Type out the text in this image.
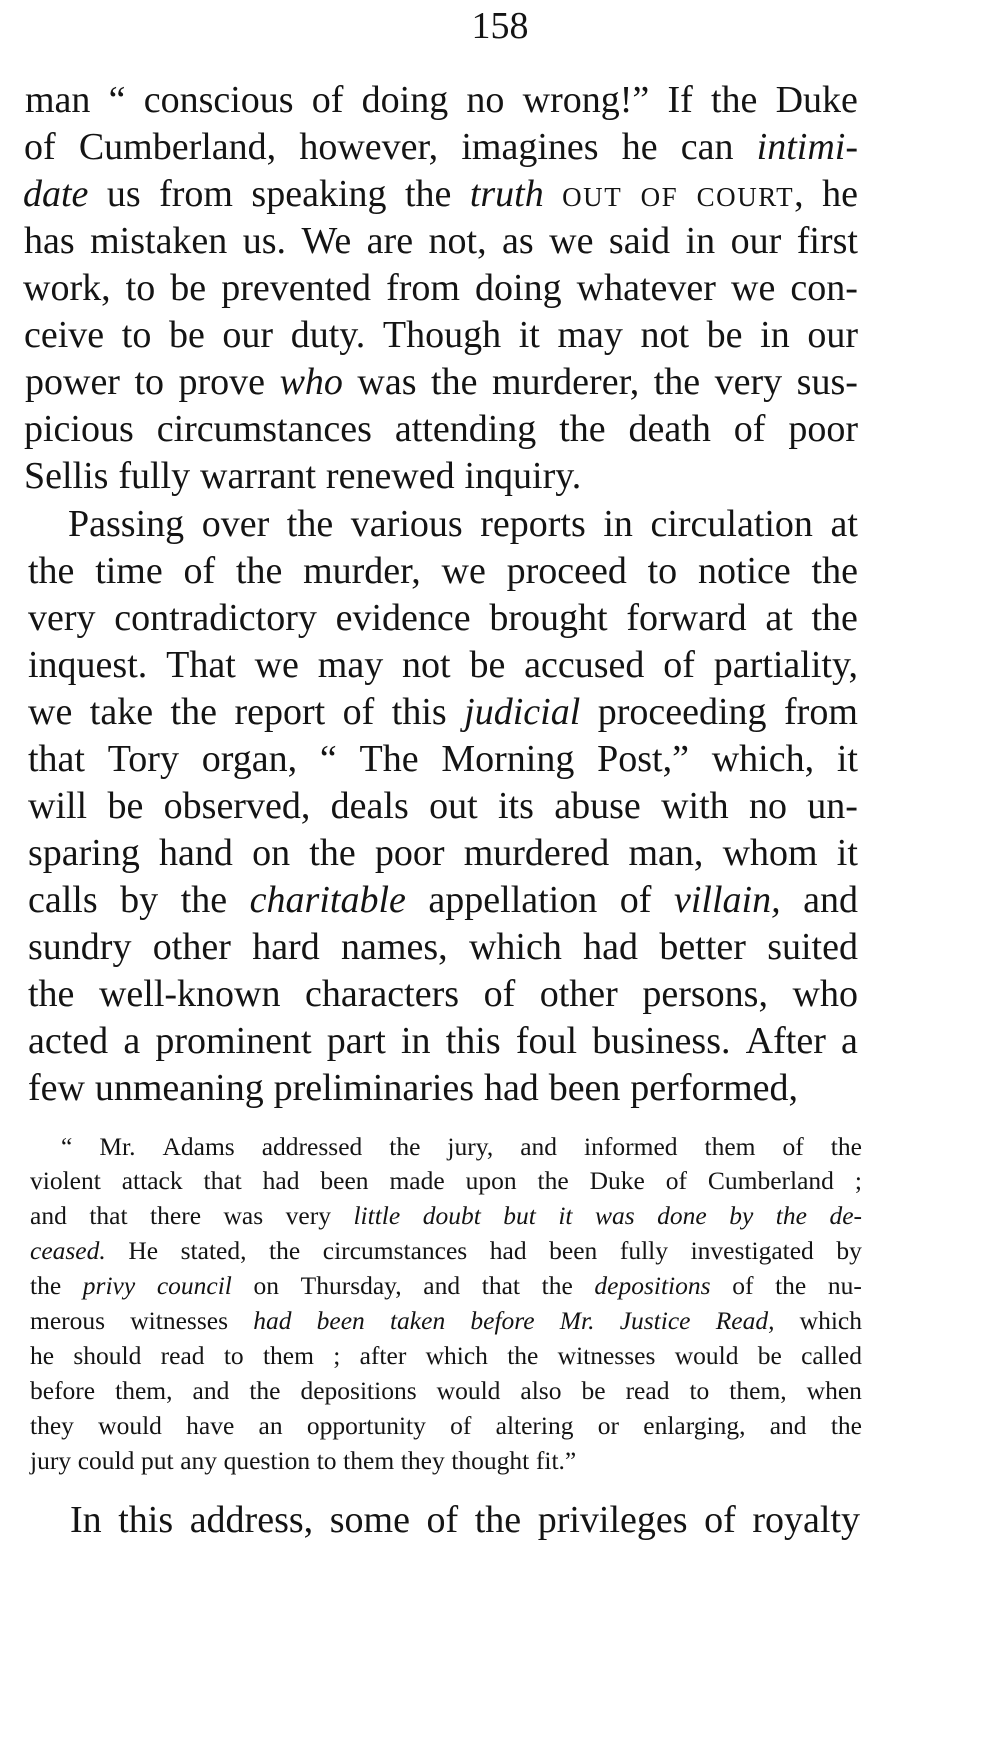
158
man “ conscious of doing no wrong!” If the Duke
of Cumberland, however, imagines he can intimi-
date us from speaking the truth out of court, he
has mistaken us. We are not, as we said in our first
work, to be prevented from doing whatever we con-
ceive to be our duty. Though it may not be in our
power to prove who was the murderer, the very sus-
picious circumstances attending the death of poor
Sellis fully warrant renewed inquiry.
Passing over the various reports in circulation at
the time of the murder, we proceed to notice the
very contradictory evidence brought forward at the
inquest. That we may not be accused of partiality,
we take the report of this judicial proceeding from
that Tory organ, “ The Morning Post,” which, it
will be observed, deals out its abuse with no un-
sparing hand on the poor murdered man, whom it
calls by the charitable appellation of villain, and
sundry other hard names, which had better suited
the well-known characters of other persons, who
acted a prominent part in this foul business. After a
few unmeaning preliminaries had been performed,
“ Mr. Adams addressed the jury, and informed them of the
violent attack that had been made upon the Duke of Cumberland ;
and that there was very little doubt but it was done by the de-
ceased. He stated, the circumstances had been fully investigated by
the privy council on Thursday, and that the depositions of the nu-
merous witnesses had been taken before Mr. Justice Read, which
he should read to them ; after which the witnesses would be called
before them, and the depositions would also be read to them, when
they would have an opportunity of altering or enlarging, and the
jury could put any question to them they thought fit.”
In this address, some of the privileges of royalty
